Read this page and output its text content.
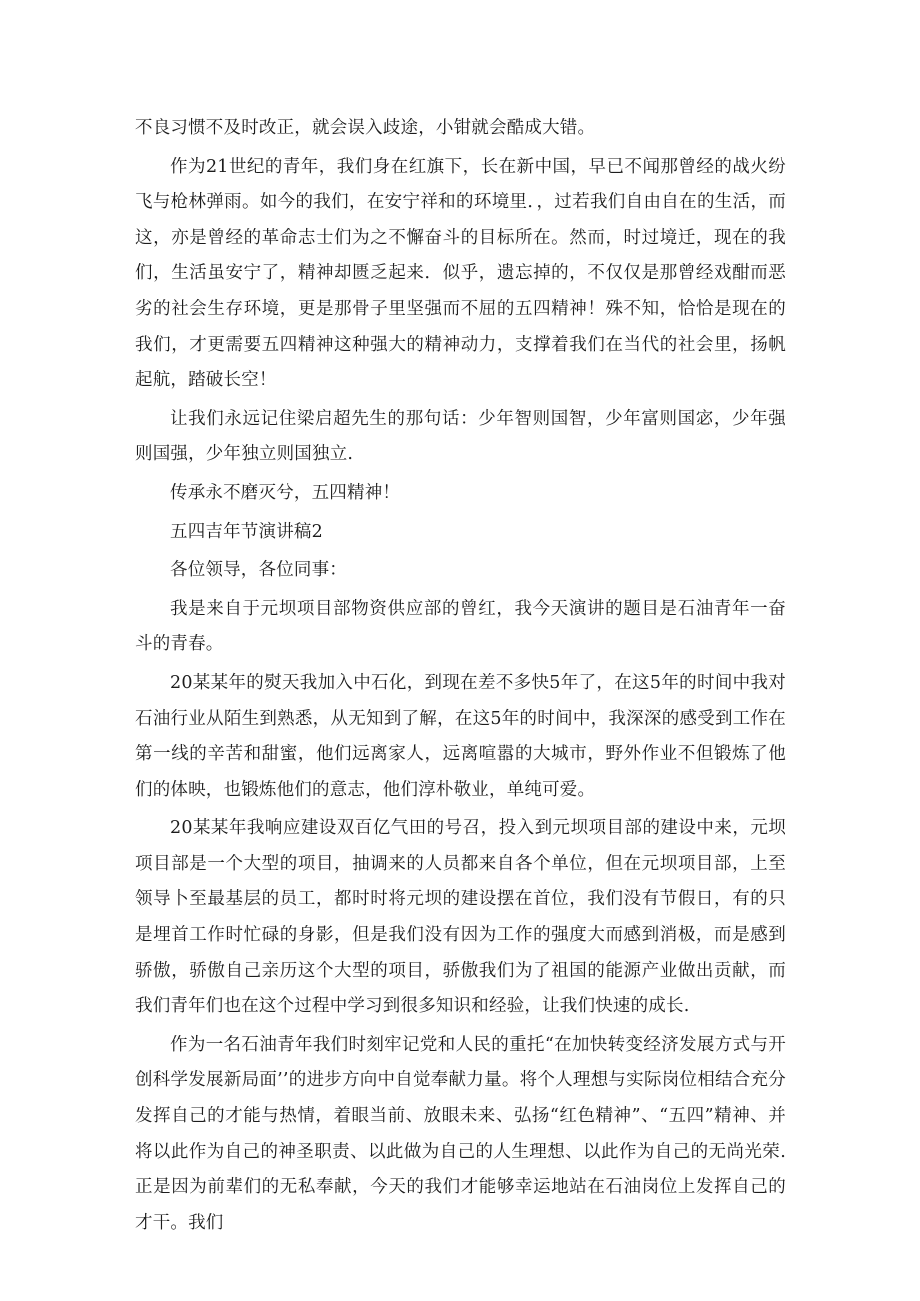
不良习惯不及时改正，就会误入歧途，小钳就会酷成大错。

作为21世纪的青年，我们身在红旗下，长在新中国，早已不闻那曾经的战火纷飞与枪林弹雨。如今的我们，在安宁祥和的环境里．，过若我们自由自在的生活，而这，亦是曾经的革命志士们为之不懈奋斗的目标所在。然而，时过境迁，现在的我们，生活虽安宁了，精神却匮乏起来．似乎，遗忘掉的，不仅仅是那曾经戏酣而恶劣的社会生存环境，更是那骨子里坚强而不屈的五四精神！殊不知，恰恰是现在的我们，才更需要五四精神这种强大的精神动力，支撑着我们在当代的社会里，扬帆起航，踏破长空！

让我们永远记住梁启超先生的那句话：少年智则国智，少年富则国宓，少年强则国强，少年独立则国独立.

传承永不磨灭兮，五四精神！

五四吉年节演讲稿2

各位领导，各位同事：

我是来自于元坝项目部物资供应部的曾红，我今天演讲的题目是石油青年一奋斗的青春。

20某某年的熨天我加入中石化，到现在差不多快5年了，在这5年的时间中我对石油行业从陌生到熟悉，从无知到了解，在这5年的时间中，我深深的感受到工作在第一线的辛苦和甜蜜，他们远离家人，远离喧嚣的大城市，野外作业不但锻炼了他们的体映，也锻炼他们的意志，他们淳朴敬业，单纯可爱。

20某某年我响应建设双百亿气田的号召，投入到元坝项目部的建设中来，元坝项目部是一个大型的项目，抽调来的人员都来自各个单位，但在元坝项目部，上至领导卜至最基层的员工，都时时将元坝的建设摆在首位，我们没有节假日，有的只是埋首工作时忙碌的身影，但是我们没有因为工作的强度大而感到消极，而是感到骄傲，骄傲自己亲历这个大型的项目，骄傲我们为了祖国的能源产业做出贡献，而我们青年们也在这个过程中学习到很多知识和经验，让我们快速的成长.

作为一名石油青年我们时刻牢记党和人民的重托“在加快转变经济发展方式与开创科学发展新局面’’的进步方向中自觉奉献力量。将个人理想与实际岗位相结合充分发挥自己的才能与热情，着眼当前、放眼未来、弘扬“红色精神”、“五四”精神、并将以此作为自己的神圣职责、以此做为自己的人生理想、以此作为自己的无尚光荣.正是因为前辈们的无私奉献，今天的我们才能够幸运地站在石油岗位上发挥自己的才干。我们
